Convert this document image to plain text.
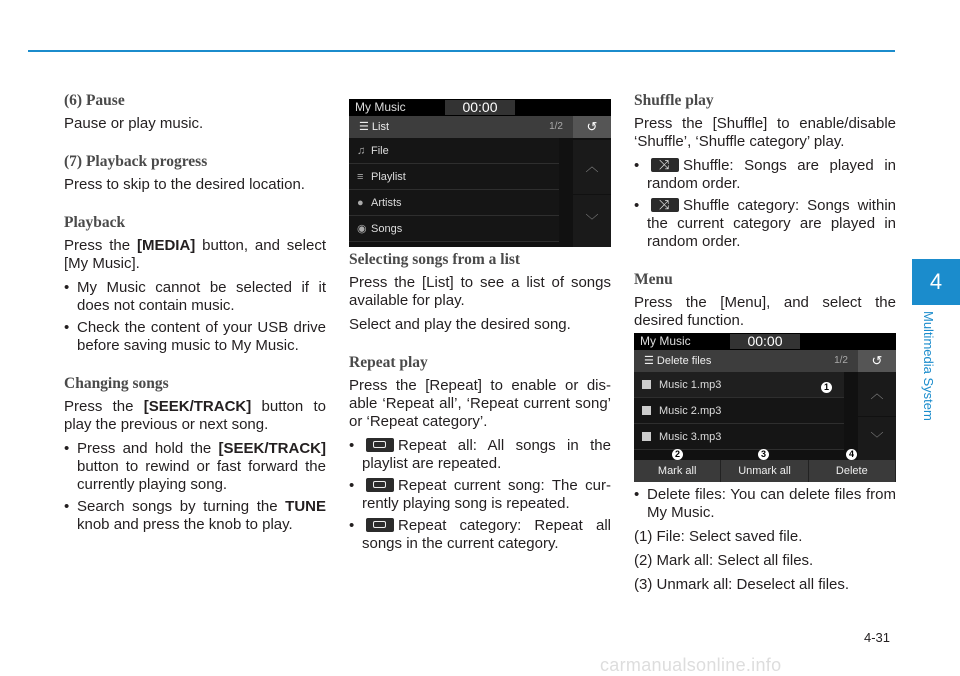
(6) Pause

Pause or play music.

(7) Playback progress

Press to skip to the desired location.

Playback

Press the [MEDIA] button, and select [My Music].

• My Music cannot be selected if it does not contain music.
• Check the content of your USB drive before saving music to My Music.
Changing songs

Press the [SEEK/TRACK] button to play the previous or next song.

• Press and hold the [SEEK/TRACK] button to rewind or fast forward the currently playing song.
• Search songs by turning the TUNE knob and press the knob to play.
My Music	00:00
☰ List	1/2	↺
♫ File
≡ Playlist
● Artists
◉ Songs
︿
﹀
Selecting songs from a list

Press the [List] to see a list of songs available for play.

Select and play the desired song.

Repeat play

Press the [Repeat] to enable or dis-able ‘Repeat all’, ‘Repeat current song’ or ‘Repeat category’.

• Repeat all: All songs in the playlist are repeated.
• Repeat current song: The cur-rently playing song is repeated.
• Repeat category: Repeat all songs in the current category.
Shuffle play

Press the [Shuffle] to enable/disable ‘Shuffle’, ‘Shuffle category’ play.

⤨• Shuffle: Songs are played in random order.
⤨• Shuffle category: Songs within the current category are played in random order.
Menu

Press the [Menu], and select the desired function.

My Music	00:00
☰ Delete files	1/2	↺
Music 1.mp3
Music 2.mp3
Music 3.mp3
︿
﹀
Mark all	Unmark all	Delete
1
2	3	4
• Delete files: You can delete files from My Music.

(1) File: Select saved file.

(2) Mark all: Select all files.

(3) Unmark all: Deselect all files.

4
Multimedia System
4-31
carmanualsonline.info
